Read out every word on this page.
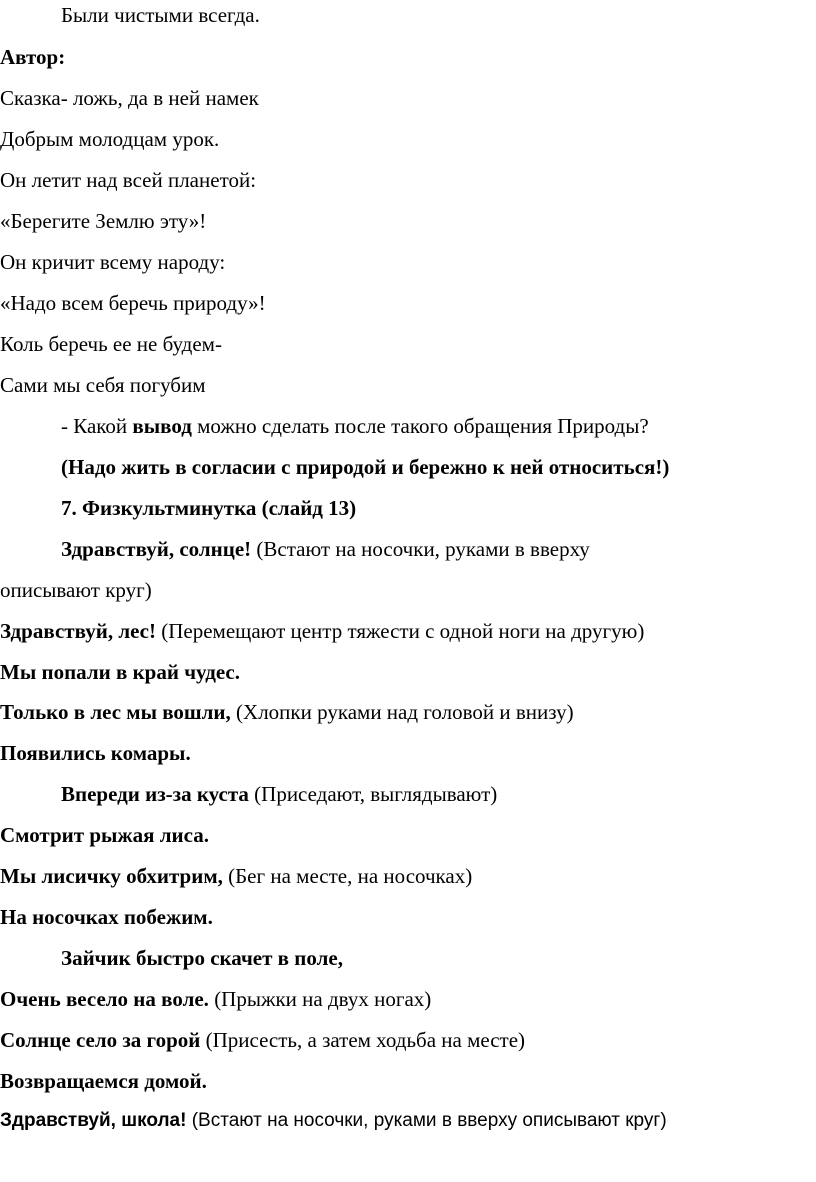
Были чистыми всегда.
Автор:
Сказка- ложь, да в ней намек
Добрым молодцам урок.
Он летит над всей планетой:
«Берегите Землю эту»!
Он кричит всему народу:
«Надо всем беречь природу»!
Коль беречь ее не будем-
Сами мы себя погубим
- Какой вывод можно сделать после такого обращения Природы?
(Надо жить в согласии с природой и бережно к ней относиться!)
7. Физкультминутка (слайд 13)
Здравствуй, солнце! (Встают на носочки, руками в вверху
описывают круг)
Здравствуй, лес! (Перемещают центр тяжести с одной ноги на другую)
Мы попали в край чудес.
Только в лес мы вошли, (Хлопки руками над головой и внизу)
Появились комары.
Впереди из-за куста (Приседают, выглядывают)
Смотрит рыжая лиса.
Мы лисичку обхитрим, (Бег на месте, на носочках)
На носочках побежим.
Зайчик быстро скачет в поле,
Очень весело на воле. (Прыжки на двух ногах)
Солнце село за горой (Присесть, а затем ходьба на месте)
Возвращаемся домой.
Здравствуй, школа! (Встают на носочки, руками в вверху описывают круг)
